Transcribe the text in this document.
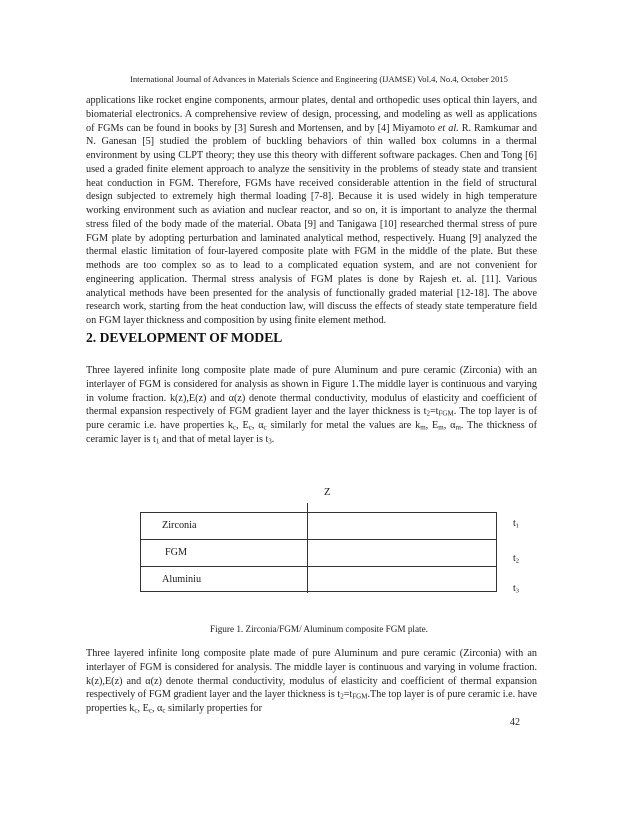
International Journal of Advances in Materials Science and Engineering (IJAMSE) Vol.4, No.4, October 2015

applications like rocket engine components, armour plates, dental and orthopedic uses optical thin layers, and biomaterial electronics. A comprehensive review of design, processing, and modeling as well as applications of FGMs can be found in books by [3] Suresh and Mortensen, and by [4] Miyamoto et al. R. Ramkumar and N. Ganesan [5] studied the problem of buckling behaviors of thin walled box columns in a thermal environment by using CLPT theory; they use this theory with different software packages. Chen and Tong [6] used a graded finite element approach to analyze the sensitivity in the problems of steady state and transient heat conduction in FGM. Therefore, FGMs have received considerable attention in the field of structural design subjected to extremely high thermal loading [7-8]. Because it is used widely in high temperature working environment such as aviation and nuclear reactor, and so on, it is important to analyze the thermal stress filed of the body made of the material. Obata [9] and Tanigawa [10] researched thermal stress of pure FGM plate by adopting perturbation and laminated analytical method, respectively. Huang [9] analyzed the thermal elastic limitation of four-layered composite plate with FGM in the middle of the plate. But these methods are too complex so as to lead to a complicated equation system, and are not convenient for engineering application. Thermal stress analysis of FGM plates is done by Rajesh et. al. [11]. Various analytical methods have been presented for the analysis of functionally graded material [12-18]. The above research work, starting from the heat conduction law, will discuss the effects of steady state temperature field on FGM layer thickness and composition by using finite element method.

2. DEVELOPMENT OF MODEL

Three layered infinite long composite plate made of pure Aluminum and pure ceramic (Zirconia) with an interlayer of FGM is considered for analysis as shown in Figure 1.The middle layer is continuous and varying in volume fraction. k(z),E(z) and α(z) denote thermal conductivity, modulus of elasticity and coefficient of thermal expansion respectively of FGM gradient layer and the layer thickness is $t_2=t_{FGM}$. The top layer is of pure ceramic i.e. have properties $k_c$, $E_c$, $\alpha_c$ similarly for metal the values are $k_m$, $E_m$, $\alpha_m$. The thickness of ceramic layer is $t_1$ and that of metal layer is $t_3$.

Z
Zirconia
FGM
Aluminiu
$t_1$
$t_2$
$t_3$
Figure 1. Zirconia/FGM/ Aluminum composite FGM plate.

Three layered infinite long composite plate made of pure Aluminum and pure ceramic (Zirconia) with an interlayer of FGM is considered for analysis. The middle layer is continuous and varying in volume fraction. k(z),E(z) and α(z) denote thermal conductivity, modulus of elasticity and coefficient of thermal expansion respectively of FGM gradient layer and the layer thickness is $t_2=t_{FGM}.The$ top layer is of pure ceramic i.e. have properties $k_c$, $E_c$, $\alpha_c$ similarly properties for

42
